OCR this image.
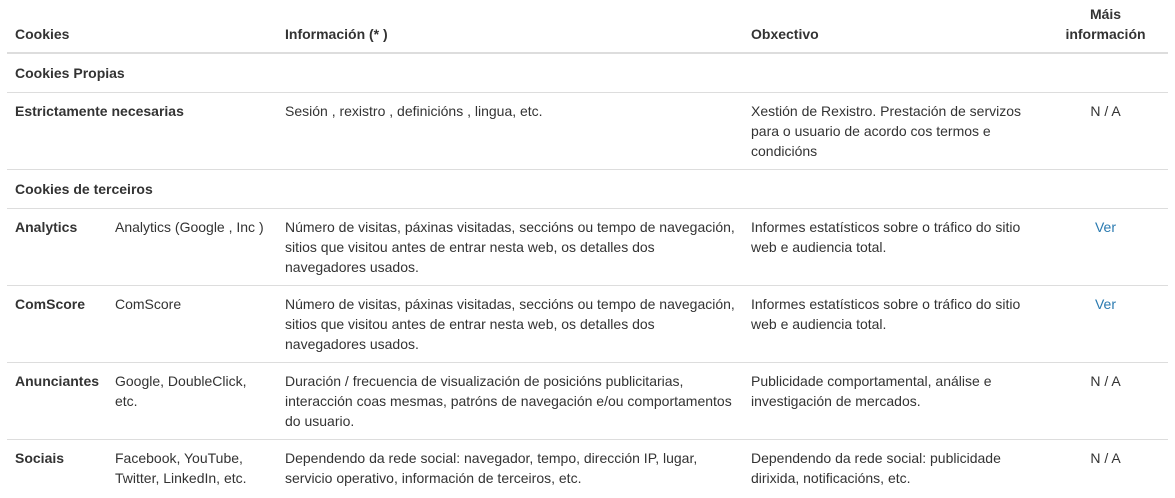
Cookies		Información (* )	Obxectivo	Máis
información
Cookies Propias				
Estrictamente necesarias		Sesión , rexistro , definicións , lingua, etc.	Xestión de Rexistro. Prestación de servizos para o usuario de acordo cos termos e condicións	N / A
Cookies de terceiros				
Analytics	Analytics (Google , Inc )	Número de visitas, páxinas visitadas, seccións ou tempo de navegación, sitios que visitou antes de entrar nesta web, os detalles dos navegadores usados.	Informes estatísticos sobre o tráfico do sitio web e audiencia total.	Ver
ComScore	ComScore	Número de visitas, páxinas visitadas, seccións ou tempo de navegación, sitios que visitou antes de entrar nesta web, os detalles dos navegadores usados.	Informes estatísticos sobre o tráfico do sitio web e audiencia total.	Ver
Anunciantes	Google, DoubleClick, etc.	Duración / frecuencia de visualización de posicións publicitarias, interacción coas mesmas, patróns de navegación e/ou comportamentos do usuario.	Publicidade comportamental, análise e investigación de mercados.	N / A
Sociais	Facebook, YouTube, Twitter, LinkedIn, etc.	Dependendo da rede social: navegador, tempo, dirección IP, lugar, servicio operativo, información de terceiros, etc.	Dependendo da rede social: publicidade dirixida, notificacións, etc.	N / A
